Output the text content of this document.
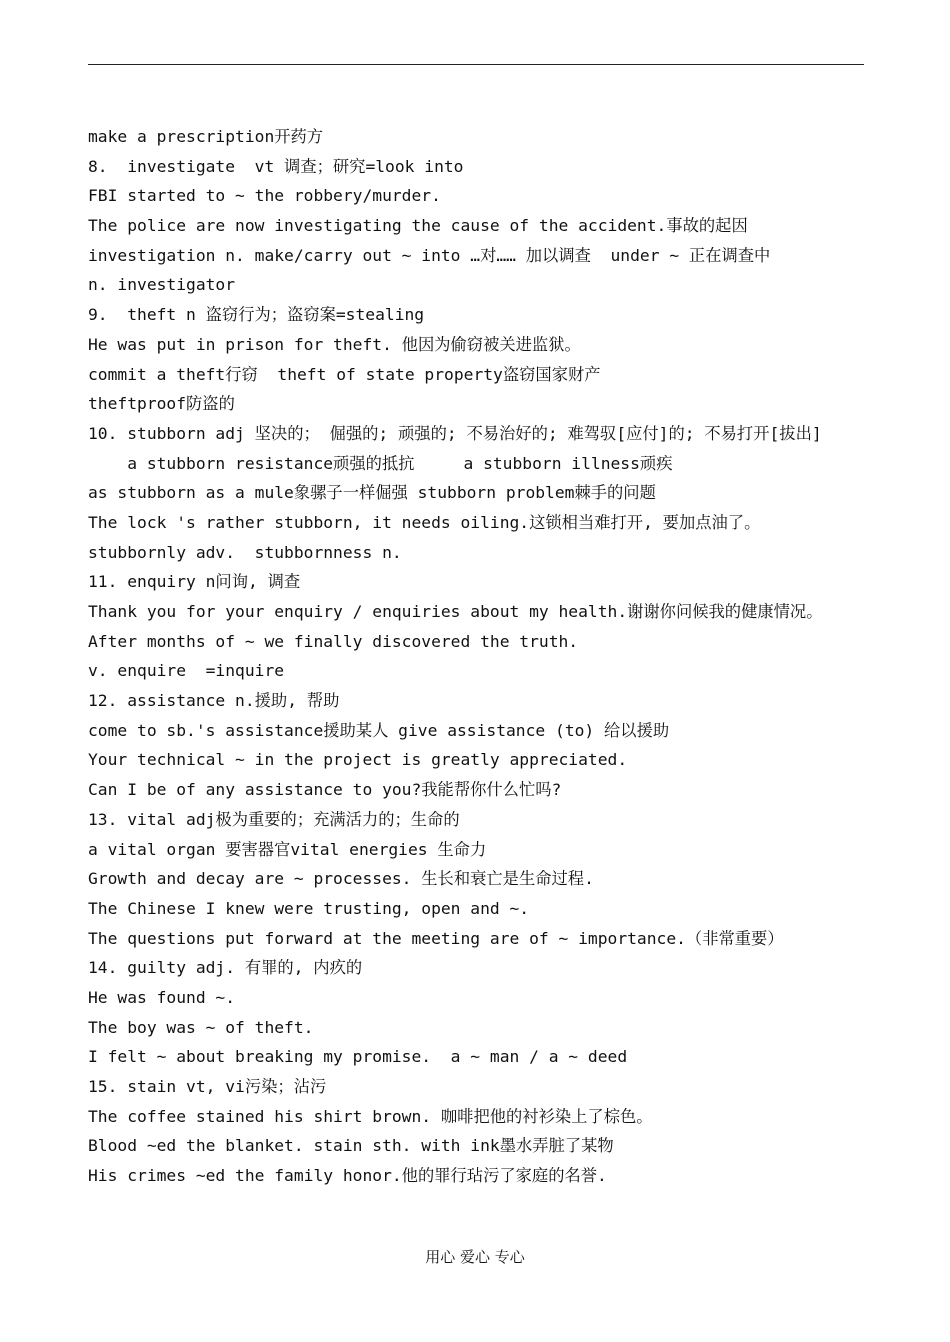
make a prescription开药方
8.  investigate  vt 调查；研究=look into
FBI started to ~ the robbery/murder.
The police are now investigating the cause of the accident.事故的起因
investigation n. make/carry out ~ into …对…… 加以调查  under ~ 正在调查中
n. investigator
9.  theft n 盗窃行为；盗窃案=stealing
He was put in prison for theft. 他因为偷窃被关进监狱。
commit a theft行窃  theft of state property盗窃国家财产
theftproof防盗的
10. stubborn adj 坚决的； 倔强的; 顽强的; 不易治好的; 难驾驭[应付]的; 不易打开[拔出]
a stubborn resistance顽强的抵抗     a stubborn illness顽疾
as stubborn as a mule象骡子一样倔强 stubborn problem棘手的问题
The lock 's rather stubborn, it needs oiling.这锁相当难打开, 要加点油了。
stubbornly adv.  stubbornness n.
11. enquiry n问询, 调查
Thank you for your enquiry / enquiries about my health.谢谢你问候我的健康情况。
After months of ~ we finally discovered the truth.
v. enquire  =inquire
12. assistance n.援助, 帮助
come to sb.'s assistance援助某人 give assistance (to) 给以援助
Your technical ~ in the project is greatly appreciated.
Can I be of any assistance to you?我能帮你什么忙吗?
13. vital adj极为重要的；充满活力的；生命的
a vital organ 要害器官vital energies 生命力
Growth and decay are ~ processes. 生长和衰亡是生命过程.
The Chinese I knew were trusting, open and ~.
The questions put forward at the meeting are of ~ importance.（非常重要）
14. guilty adj. 有罪的, 内疚的
He was found ~.
The boy was ~ of theft.
I felt ~ about breaking my promise.  a ~ man / a ~ deed
15. stain vt, vi污染；沾污
The coffee stained his shirt brown. 咖啡把他的衬衫染上了棕色。
Blood ~ed the blanket. stain sth. with ink墨水弄脏了某物
His crimes ~ed the family honor.他的罪行玷污了家庭的名誉.
用心 爱心 专心
